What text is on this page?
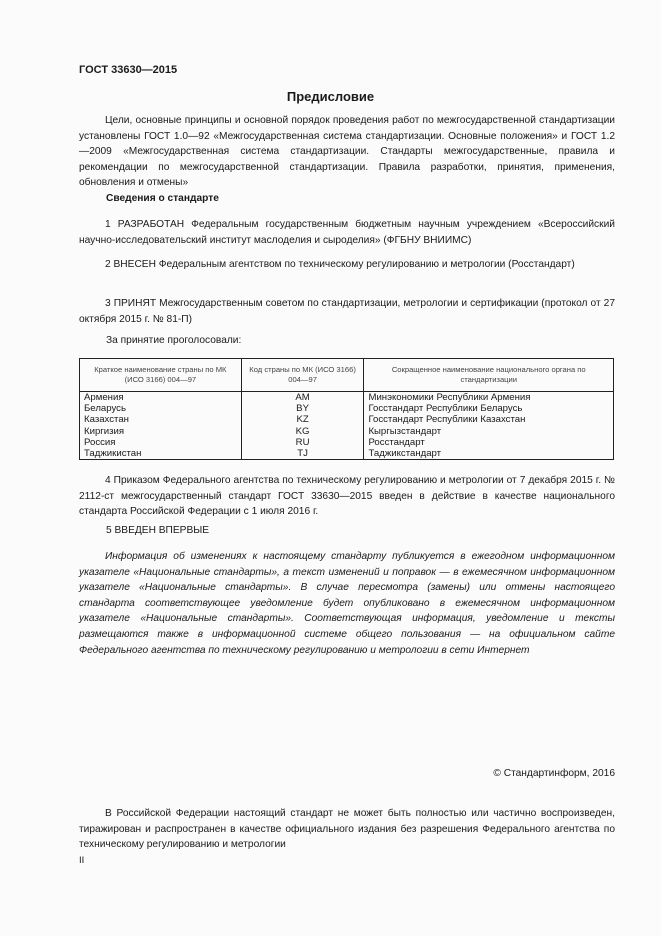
ГОСТ 33630—2015
Предисловие
Цели, основные принципы и основной порядок проведения работ по межгосударственной стандартизации установлены ГОСТ 1.0—92 «Межгосударственная система стандартизации. Основные положения» и ГОСТ 1.2—2009 «Межгосударственная система стандартизации. Стандарты межгосударственные, правила и рекомендации по межгосударственной стандартизации. Правила разработки, принятия, применения, обновления и отмены»
Сведения о стандарте
1 РАЗРАБОТАН Федеральным государственным бюджетным научным учреждением «Всероссийский научно-исследовательский институт маслоделия и сыроделия» (ФГБНУ ВНИИМС)
2 ВНЕСЕН Федеральным агентством по техническому регулированию и метрологии (Росстандарт)
3 ПРИНЯТ Межгосударственным советом по стандартизации, метрологии и сертификации (протокол от 27 октября 2015 г. № 81-П)
За принятие проголосовали:
Краткое наименование страны по МК (ИСО 3166) 004—97	Код страны по МК (ИСО 3166) 004—97	Сокращенное наименование национального органа по стандартизации
Армения	AM	Минэкономики Республики Армения
Беларусь	BY	Госстандарт Республики Беларусь
Казахстан	KZ	Госстандарт Республики Казахстан
Киргизия	KG	Кыргызстандарт
Россия	RU	Росстандарт
Таджикистан	TJ	Таджикстандарт
4 Приказом Федерального агентства по техническому регулированию и метрологии от 7 декабря 2015 г. № 2112-ст межгосударственный стандарт ГОСТ 33630—2015 введен в действие в качестве национального стандарта Российской Федерации с 1 июля 2016 г.
5 ВВЕДЕН ВПЕРВЫЕ
Информация об изменениях к настоящему стандарту публикуется в ежегодном информационном указателе «Национальные стандарты», а текст изменений и поправок — в ежемесячном информационном указателе «Национальные стандарты». В случае пересмотра (замены) или отмены настоящего стандарта соответствующее уведомление будет опубликовано в ежемесячном информационном указателе «Национальные стандарты». Соответствующая информация, уведомление и тексты размещаются также в информационной системе общего пользования — на официальном сайте Федерального агентства по техническому регулированию и метрологии в сети Интернет
© Стандартинформ, 2016
В Российской Федерации настоящий стандарт не может быть полностью или частично воспроизведен, тиражирован и распространен в качестве официального издания без разрешения Федерального агентства по техническому регулированию и метрологии
II
